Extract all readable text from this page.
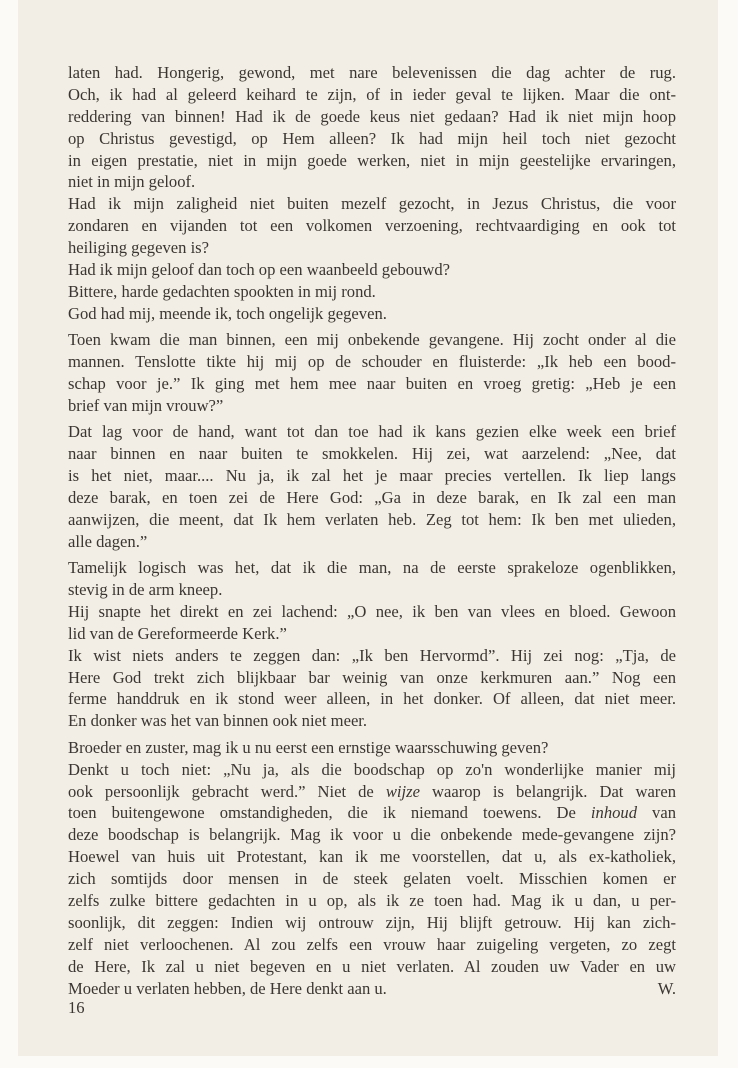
laten had. Hongerig, gewond, met nare belevenissen die dag achter de rug.
Och, ik had al geleerd keihard te zijn, of in ieder geval te lijken. Maar die ont-
reddering van binnen! Had ik de goede keus niet gedaan? Had ik niet mijn hoop
op Christus gevestigd, op Hem alleen? Ik had mijn heil toch niet gezocht
in eigen prestatie, niet in mijn goede werken, niet in mijn geestelijke ervaringen,
niet in mijn geloof.
Had ik mijn zaligheid niet buiten mezelf gezocht, in Jezus Christus, die voor
zondaren en vijanden tot een volkomen verzoening, rechtvaardiging en ook tot
heiliging gegeven is?
Had ik mijn geloof dan toch op een waanbeeld gebouwd?
Bittere, harde gedachten spookten in mij rond.
God had mij, meende ik, toch ongelijk gegeven.
Toen kwam die man binnen, een mij onbekende gevangene. Hij zocht onder al die
mannen. Tenslotte tikte hij mij op de schouder en fluisterde: „Ik heb een bood-
schap voor je.” Ik ging met hem mee naar buiten en vroeg gretig: „Heb je een
brief van mijn vrouw?”
Dat lag voor de hand, want tot dan toe had ik kans gezien elke week een brief
naar binnen en naar buiten te smokkelen. Hij zei, wat aarzelend: „Nee, dat
is het niet, maar.... Nu ja, ik zal het je maar precies vertellen. Ik liep langs
deze barak, en toen zei de Here God: „Ga in deze barak, en Ik zal een man
aanwijzen, die meent, dat Ik hem verlaten heb. Zeg tot hem: Ik ben met ulieden,
alle dagen.”
Tamelijk logisch was het, dat ik die man, na de eerste sprakeloze ogenblikken,
stevig in de arm kneep.
Hij snapte het direkt en zei lachend: „O nee, ik ben van vlees en bloed. Gewoon
lid van de Gereformeerde Kerk.”
Ik wist niets anders te zeggen dan: „Ik ben Hervormd”. Hij zei nog: „Tja, de
Here God trekt zich blijkbaar bar weinig van onze kerkmuren aan.” Nog een
ferme handdruk en ik stond weer alleen, in het donker. Of alleen, dat niet meer.
En donker was het van binnen ook niet meer.
Broeder en zuster, mag ik u nu eerst een ernstige waarsschuwing geven?
Denkt u toch niet: „Nu ja, als die boodschap op zo'n wonderlijke manier mij
ook persoonlijk gebracht werd.” Niet de wijze waarop is belangrijk. Dat waren
toen buitengewone omstandigheden, die ik niemand toewens. De inhoud van
deze boodschap is belangrijk. Mag ik voor u die onbekende mede-gevangene zijn?
Hoewel van huis uit Protestant, kan ik me voorstellen, dat u, als ex-katholiek,
zich somtijds door mensen in de steek gelaten voelt. Misschien komen er
zelfs zulke bittere gedachten in u op, als ik ze toen had. Mag ik u dan, u per-
soonlijk, dit zeggen: Indien wij ontrouw zijn, Hij blijft getrouw. Hij kan zich-
zelf niet verloochenen. Al zou zelfs een vrouw haar zuigeling vergeten, zo zegt
de Here, Ik zal u niet begeven en u niet verlaten. Al zouden uw Vader en uw
Moeder u verlaten hebben, de Here denkt aan u.	W.
16
